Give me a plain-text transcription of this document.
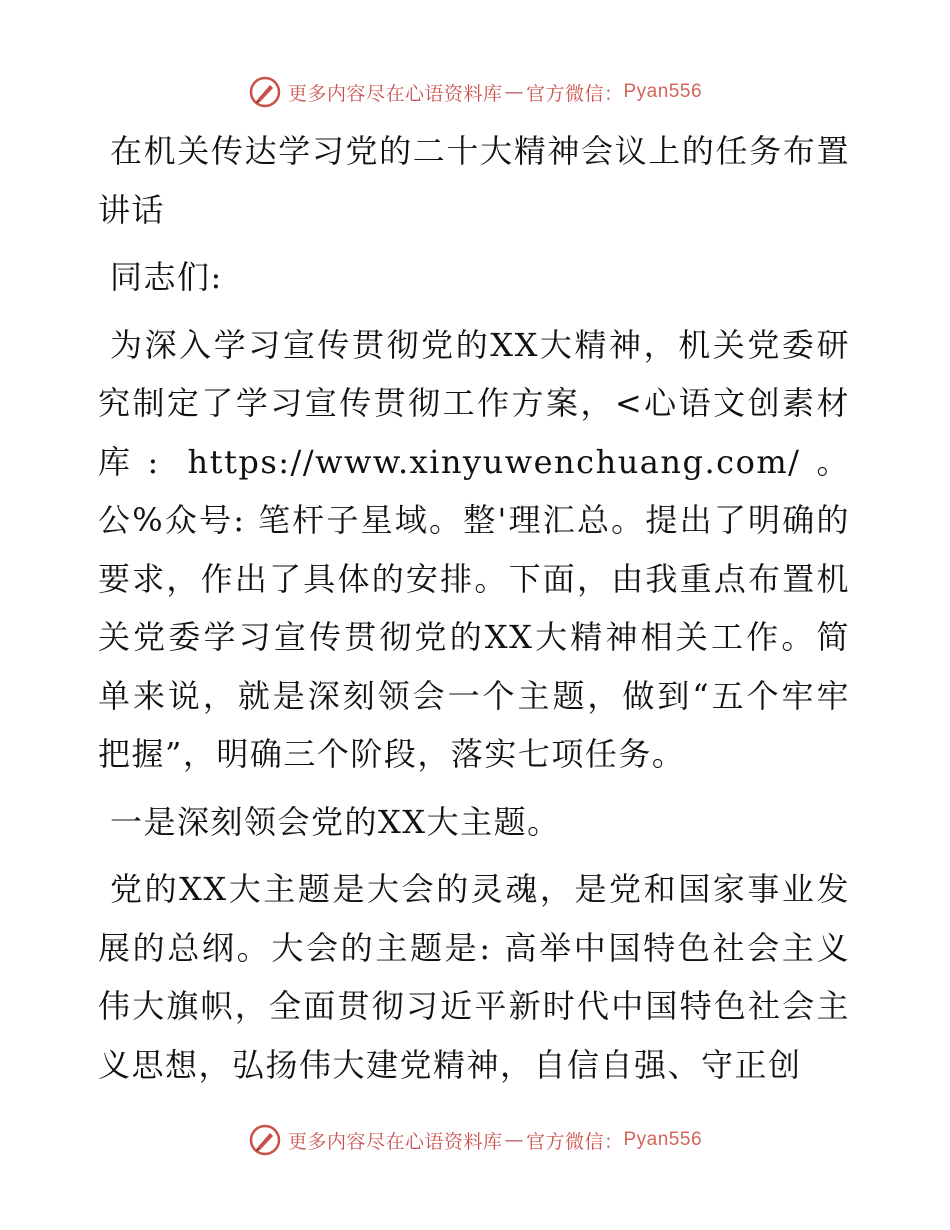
更多内容尽在心语资料库 — 官方微信： Pyan556

在机关传达学习党的二十大精神会议上的任务布置讲话

同志们:

为深入学习宣传贯彻党的XX大精神，机关党委研究制定了学习宣传贯彻工作方案，<心语文创素材库: https://www.xinyuwenchuang.com/。公%众号: 笔杆子星域。整'理汇总。提出了明确的要求，作出了具体的安排。下面，由我重点布置机关党委学习宣传贯彻党的XX大精神相关工作。简单来说，就是深刻领会一个主题，做到“五个牢牢把握”，明确三个阶段，落实七项任务。

一是深刻领会党的XX大主题。

党的XX大主题是大会的灵魂，是党和国家事业发展的总纲。大会的主题是: 高举中国特色社会主义伟大旗帜，全面贯彻习近平新时代中国特色社会主义思想，弘扬伟大建党精神，自信自强、守正创

更多内容尽在心语资料库 — 官方微信： Pyan556
